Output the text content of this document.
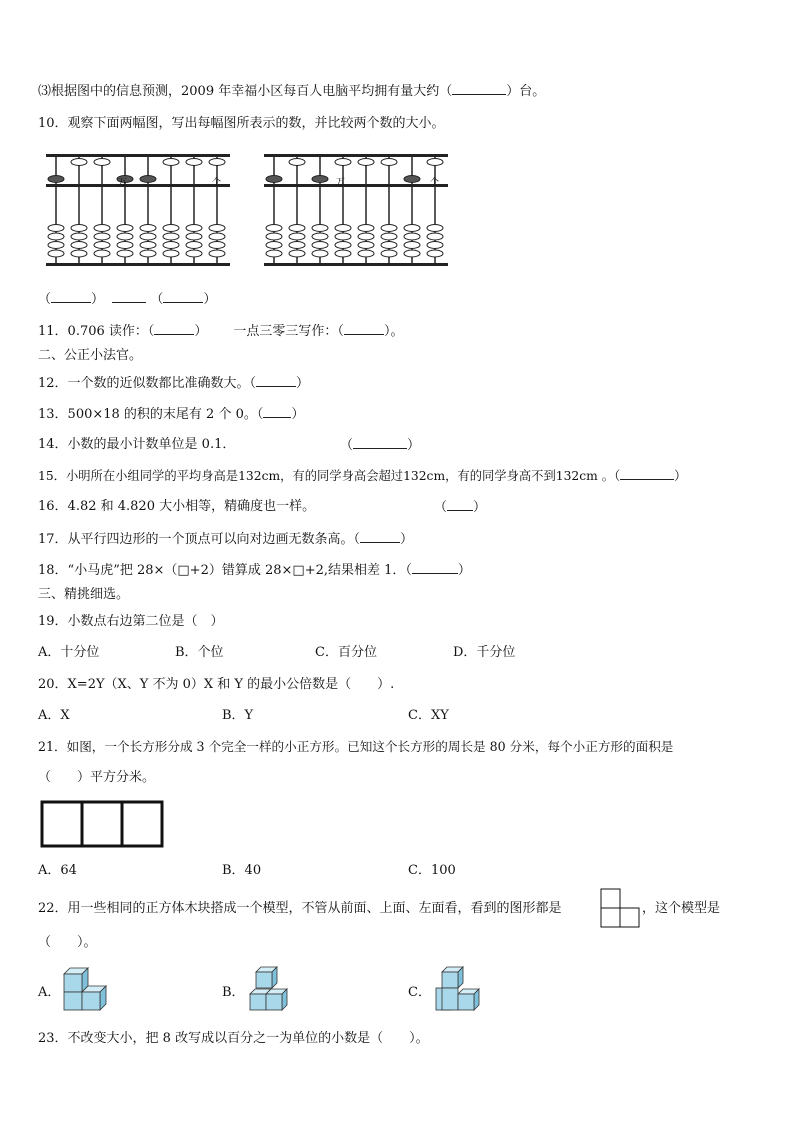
⑶根据图中的信息预测，2009 年幸福小区每百人电脑平均拥有量大约（	）台。
10．观察下面两幅图，写出每幅图所表示的数，并比较两个数的大小。
万	个	万	个
（	）	（	）
11．0.706 读作：（	） 一点三零三写作：（	）。
二、公正小法官。
12．一个数的近似数都比准确数大。（	）
13．500×18 的积的末尾有 2 个 0。（ ）
14．小数的最小计数单位是 0.1．	（	）
15．小明所在小组同学的平均身高是132cm，有的同学身高会超过132cm，有的同学身高不到132cm 。（	）
16．4.82 和 4.820 大小相等，精确度也一样。	（ ）
17．从平行四边形的一个顶点可以向对边画无数条高。（	）
18．“小马虎”把 28×（□+2）错算成 28×□+2,结果相差 1．（	）
三、精挑细选。
19．小数点右边第二位是（　）
A．十分位	B．个位	C．百分位	D．千分位
20．X=2Y（X、Y 不为 0）X 和 Y 的最小公倍数是（　　）.
A．X	B．Y	C．XY
21．如图，一个长方形分成 3 个完全一样的小正方形。已知这个长方形的周长是 80 分米，每个小正方形的面积是
（　　）平方分米。
A．64	B．40	C．100
22．用一些相同的正方体木块搭成一个模型，不管从前面、上面、左面看，看到的图形都是	，这个模型是
（　　）。
A．	B．	C．
23．不改变大小，把 8 改写成以百分之一为单位的小数是（　　）。
